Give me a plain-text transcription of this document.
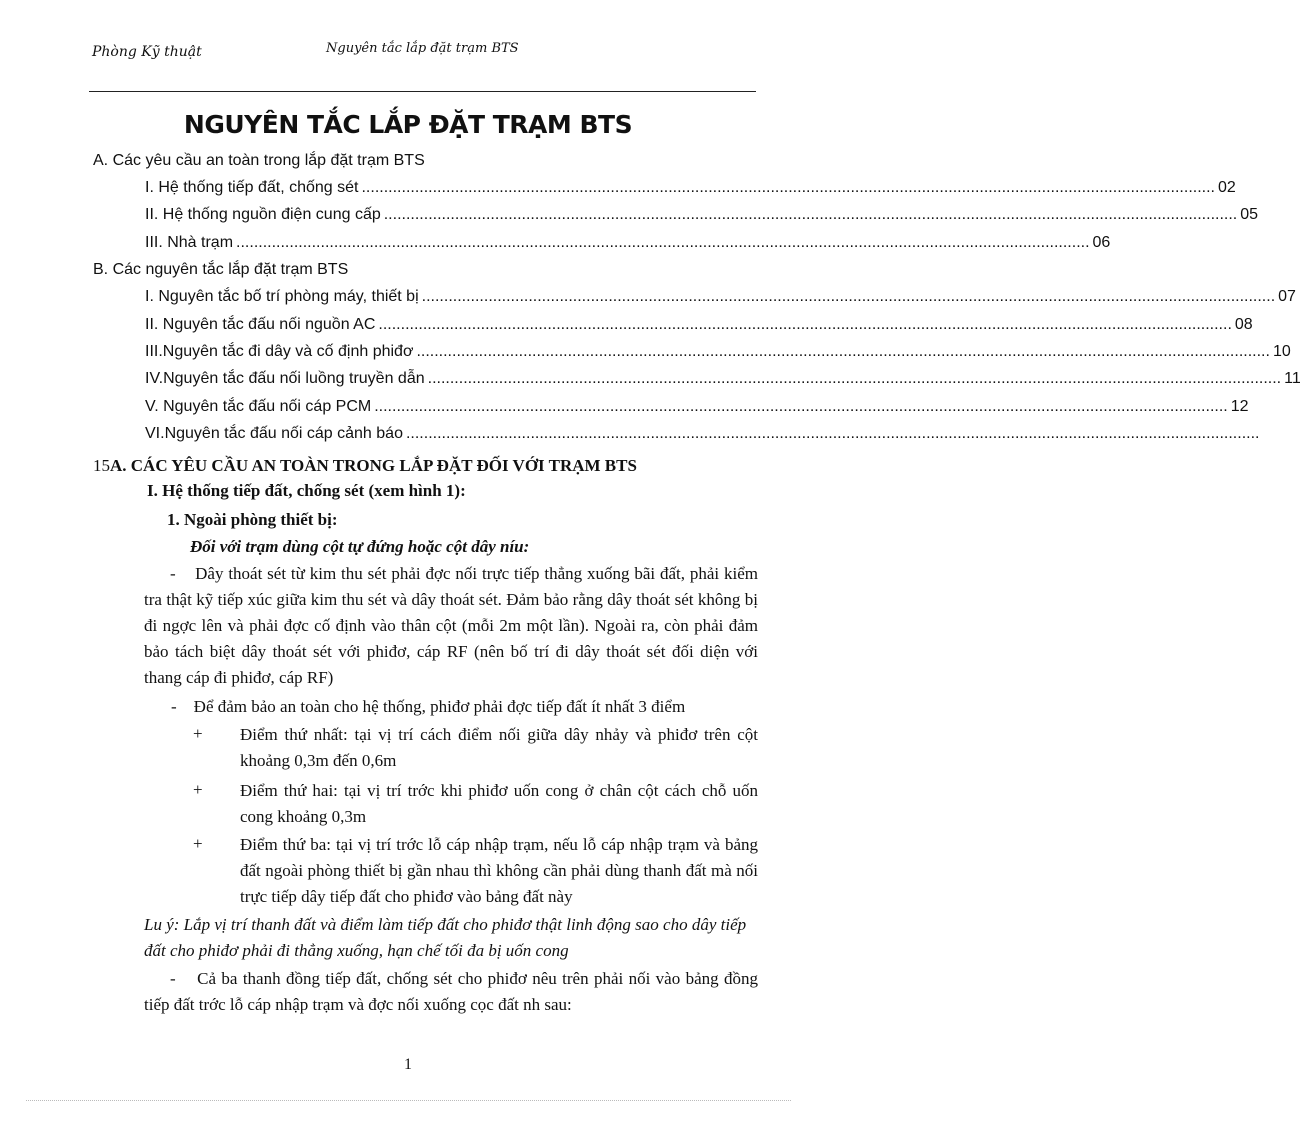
Phòng Kỹ thuật	Nguyên tắc lắp đặt trạm BTS
NGUYÊN TẮC LẮP ĐẶT TRẠM BTS
A. Các yêu cầu an toàn trong lắp đặt trạm BTS
I. Hệ thống tiếp đất, chống sét ................................................................................................................................................................................................ 02
II. Hệ thống nguồn điện cung cấp ................................................................................................................................................................................................ 05
III. Nhà trạm ................................................................................................................................................................................................ 06
B. Các nguyên tắc lắp đặt trạm BTS
I. Nguyên tắc bố trí phòng máy, thiết bị ................................................................................................................................................................................................ 07
II. Nguyên tắc đấu nối nguồn AC ................................................................................................................................................................................................ 08
III.Nguyên tắc đi dây và cố định phiđơ ................................................................................................................................................................................................ 10
IV.Nguyên tắc đấu nối luồng truyền dẫn ................................................................................................................................................................................................ 11
V. Nguyên tắc đấu nối cáp PCM ................................................................................................................................................................................................ 12
VI.Nguyên tắc đấu nối cáp cảnh báo ................................................................................................................................................................................................
15A. CÁC YÊU CẦU AN TOÀN TRONG LẮP ĐẶT ĐỐI VỚI TRẠM BTS
I. Hệ thống tiếp đất, chống sét (xem hình 1):
1. Ngoài phòng thiết bị:
Đối với trạm dùng cột tự đứng hoặc cột dây níu:
- Dây thoát sét từ kim thu sét phải đợc nối trực tiếp thẳng xuống bãi đất, phải kiểm tra thật kỹ tiếp xúc giữa kim thu sét và dây thoát sét. Đảm bảo rằng dây thoát sét không bị đi ngợc lên và phải đợc cố định vào thân cột (mỗi 2m một lần). Ngoài ra, còn phải đảm bảo tách biệt dây thoát sét với phiđơ, cáp RF (nên bố trí đi dây thoát sét đối diện với thang cáp đi phiđơ, cáp RF)
- Để đảm bảo an toàn cho hệ thống, phiđơ phải đợc tiếp đất ít nhất 3 điểm
+ Điểm thứ nhất: tại vị trí cách điểm nối giữa dây nhảy và phiđơ trên cột khoảng 0,3m đến 0,6m
+ Điểm thứ hai: tại vị trí trớc khi phiđơ uốn cong ở chân cột cách chỗ uốn cong khoảng 0,3m
+ Điểm thứ ba: tại vị trí trớc lỗ cáp nhập trạm, nếu lỗ cáp nhập trạm và bảng đất ngoài phòng thiết bị gần nhau thì không cần phải dùng thanh đất mà nối trực tiếp dây tiếp đất cho phiđơ vào bảng đất này
Lu ý: Lắp vị trí thanh đất và điểm làm tiếp đất cho phiđơ thật linh động sao cho dây tiếp đất cho phiđơ phải đi thẳng xuống, hạn chế tối đa bị uốn cong
- Cả ba thanh đồng tiếp đất, chống sét cho phiđơ nêu trên phải nối vào bảng đồng tiếp đất trớc lỗ cáp nhập trạm và đợc nối xuống cọc đất nh sau:
1
